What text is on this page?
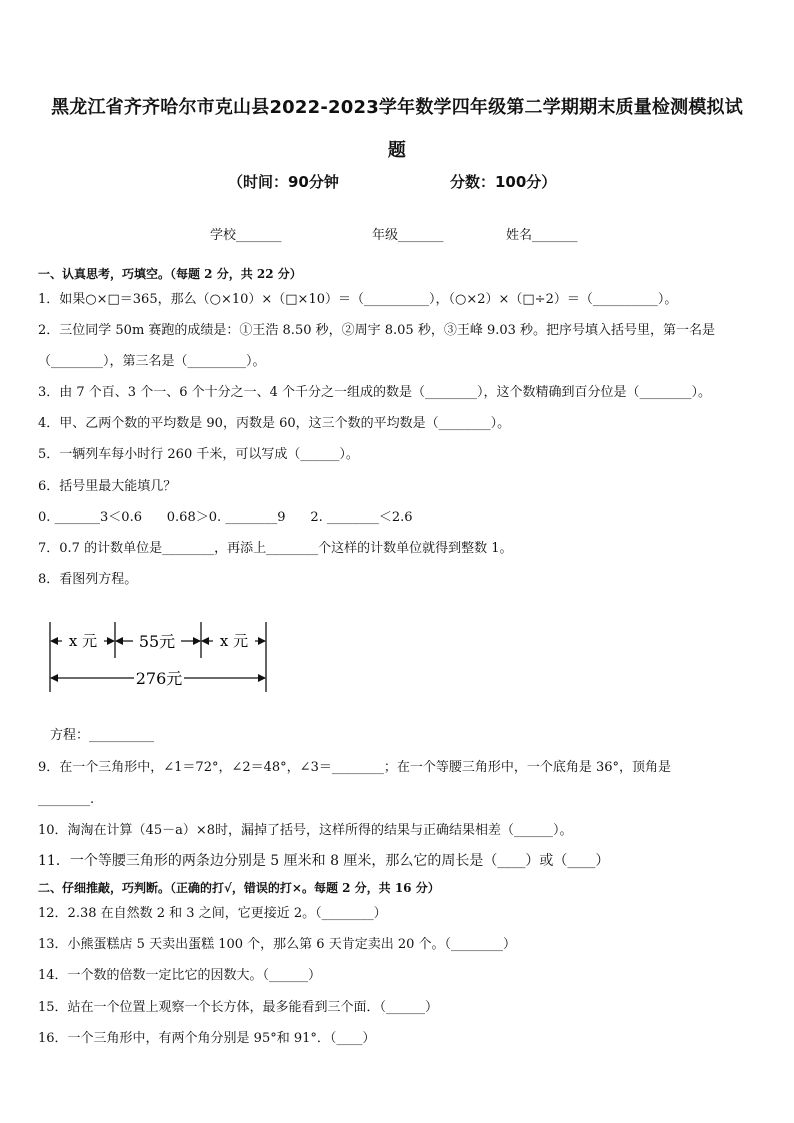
黑龙江省齐齐哈尔市克山县2022-2023学年数学四年级第二学期期末质量检测模拟试
题
（时间：90分钟	分数：100分）
学校_______	年级_______	姓名_______
一、认真思考，巧填空。（每题 2 分，共 22 分）
1．如果○×□＝365，那么（○×10）×（□×10）＝（__________），（○×2）×（□÷2）＝（__________）。
2．三位同学 50m 赛跑的成绩是：①王浩 8.50 秒，②周宇 8.05 秒，③王峰 9.03 秒。把序号填入括号里，第一名是
（________），第三名是（_________）。
3．由 7 个百、3 个一、6 个十分之一、4 个千分之一组成的数是（________），这个数精确到百分位是（________）。
4．甲、乙两个数的平均数是 90，丙数是 60，这三个数的平均数是（________）。
5．一辆列车每小时行 260 千米，可以写成（______）。
6．括号里最大能填几？
0. _______3＜0.6      0.68＞0. ________9      2. ________＜2.6
7．0.7 的计数单位是________，再添上________个这样的计数单位就得到整数 1。
8．看图列方程。
x 元	55元	x 元
276元
方程：__________
9．在一个三角形中，∠1＝72°，∠2＝48°，∠3＝________；在一个等腰三角形中，一个底角是 36°，顶角是
________.
10．淘淘在计算（45－a）×8时，漏掉了括号，这样所得的结果与正确结果相差（______）。
11．一个等腰三角形的两条边分别是 5 厘米和 8 厘米，那么它的周长是（____）或（____）
二、仔细推敲，巧判断。（正确的打√，错误的打×。每题 2 分，共 16 分）
12．2.38 在自然数 2 和 3 之间，它更接近 2。（________）
13．小熊蛋糕店 5 天卖出蛋糕 100 个，那么第 6 天肯定卖出 20 个。（________）
14．一个数的倍数一定比它的因数大。（______）
15．站在一个位置上观察一个长方体，最多能看到三个面．（______）
16．一个三角形中，有两个角分别是 95°和 91°．（____）
